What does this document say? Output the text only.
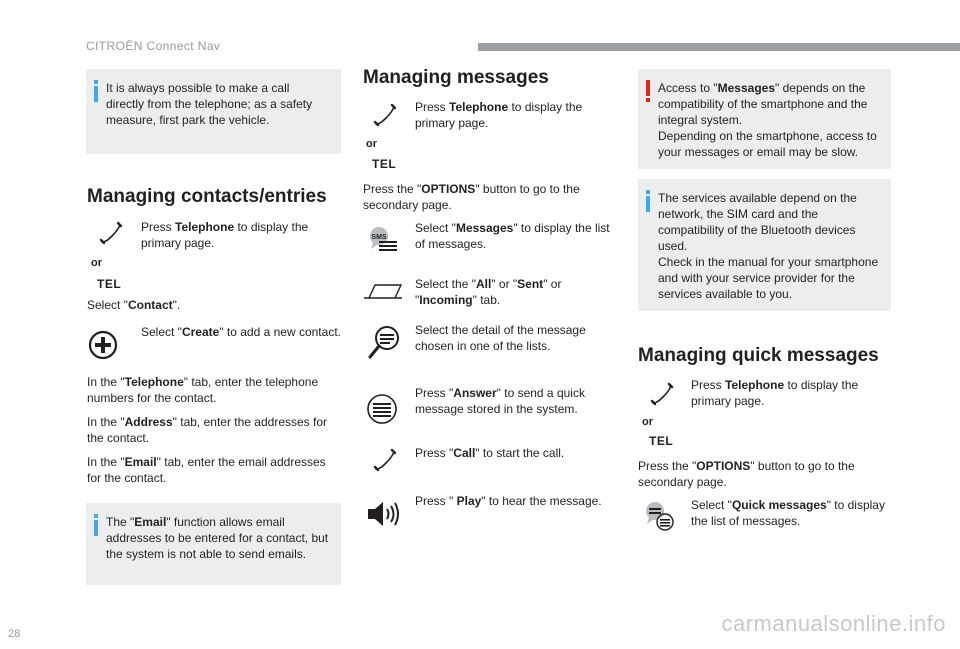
CITROËN Connect Nav

It is always possible to make a call directly from the telephone; as a safety measure, first park the vehicle.

Managing contacts/entries
Press Telephone to display the primary page.
or
TEL
Select "Contact".
Select "Create" to add a new contact.
In the "Telephone" tab, enter the telephone numbers for the contact.
In the "Address" tab, enter the addresses for the contact.
In the "Email" tab, enter the email addresses for the contact.

The "Email" function allows email addresses to be entered for a contact, but the system is not able to send emails.

Managing messages
Press Telephone to display the primary page.
or
TEL
Press the "OPTIONS" button to go to the secondary page.
SMS
Select "Messages" to display the list of messages.
Select the "All" or "Sent" or "Incoming" tab.
Select the detail of the message chosen in one of the lists.
Press "Answer" to send a quick message stored in the system.
Press "Call" to start the call.
Press " Play" to hear the message.

Access to "Messages" depends on the compatibility of the smartphone and the integral system.

Depending on the smartphone, access to your messages or email may be slow.

The services available depend on the network, the SIM card and the compatibility of the Bluetooth devices used.

Check in the manual for your smartphone and with your service provider for the services available to you.

Managing quick messages
Press Telephone to display the primary page.
or
TEL
Press the "OPTIONS" button to go to the secondary page.
Select "Quick messages" to display the list of messages.
28	carmanualsonline.info
